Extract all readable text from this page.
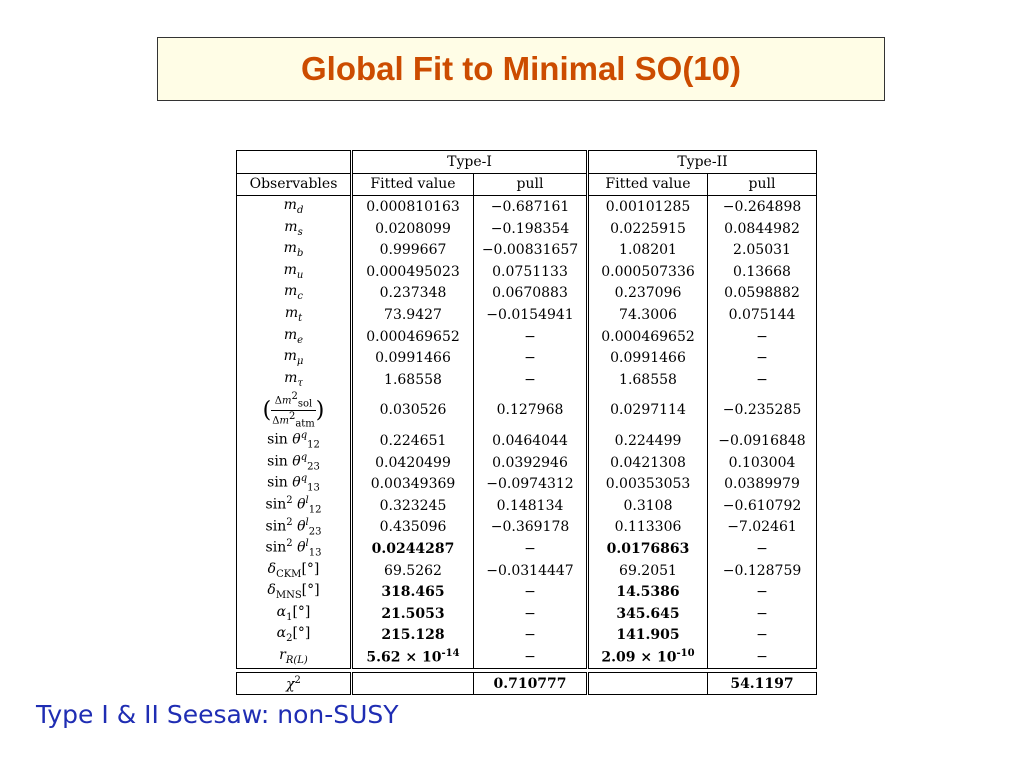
Global Fit to Minimal SO(10)
	Type-I		Type-II	
Observables	Fitted value	pull	Fitted value	pull
$m_d$	0.000810163	−0.687161	0.00101285	−0.264898
$m_s$	0.0208099	−0.198354	0.0225915	0.0844982
$m_b$	0.999667	−0.00831657	1.08201	2.05031
$m_u$	0.000495023	0.0751133	0.000507336	0.13668
$m_c$	0.237348	0.0670883	0.237096	0.0598882
$m_t$	73.9427	−0.0154941	74.3006	0.075144
$m_e$	0.000469652	−	0.000469652	−
$m_\mu$	0.0991466	−	0.0991466	−
$m_\tau$	1.68558	−	1.68558	−
( $\frac{\Delta m^2_{sol}}{\Delta m^2_{atm}}$ )	0.030526	0.127968	0.0297114	−0.235285
$\sin \theta^q_{12}$	0.224651	0.0464044	0.224499	−0.0916848
$\sin \theta^q_{23}$	0.0420499	0.0392946	0.0421308	0.103004
$\sin \theta^q_{13}$	0.00349369	−0.0974312	0.00353053	0.0389979
$\sin^2 \theta^l_{12}$	0.323245	0.148134	0.3108	−0.610792
$\sin^2 \theta^l_{23}$	0.435096	−0.369178	0.113306	−7.02461
$\sin^2 \theta^l_{13}$	0.0244287	−	0.0176863	−
$\delta_{CKM}[^\circ]$	69.5262	−0.0314447	69.2051	−0.128759
$\delta_{MNS}[^\circ]$	318.465	−	14.5386	−
$\alpha_1[^\circ]$	21.5053	−	345.645	−
$\alpha_2[^\circ]$	215.128	−	141.905	−
$r_{R(L)}$	$5.62 \times 10^{-14}$	−	$2.09 \times 10^{-10}$	−

$\chi^2$		0.710777		54.1197
Type I & II Seesaw: non-SUSY
